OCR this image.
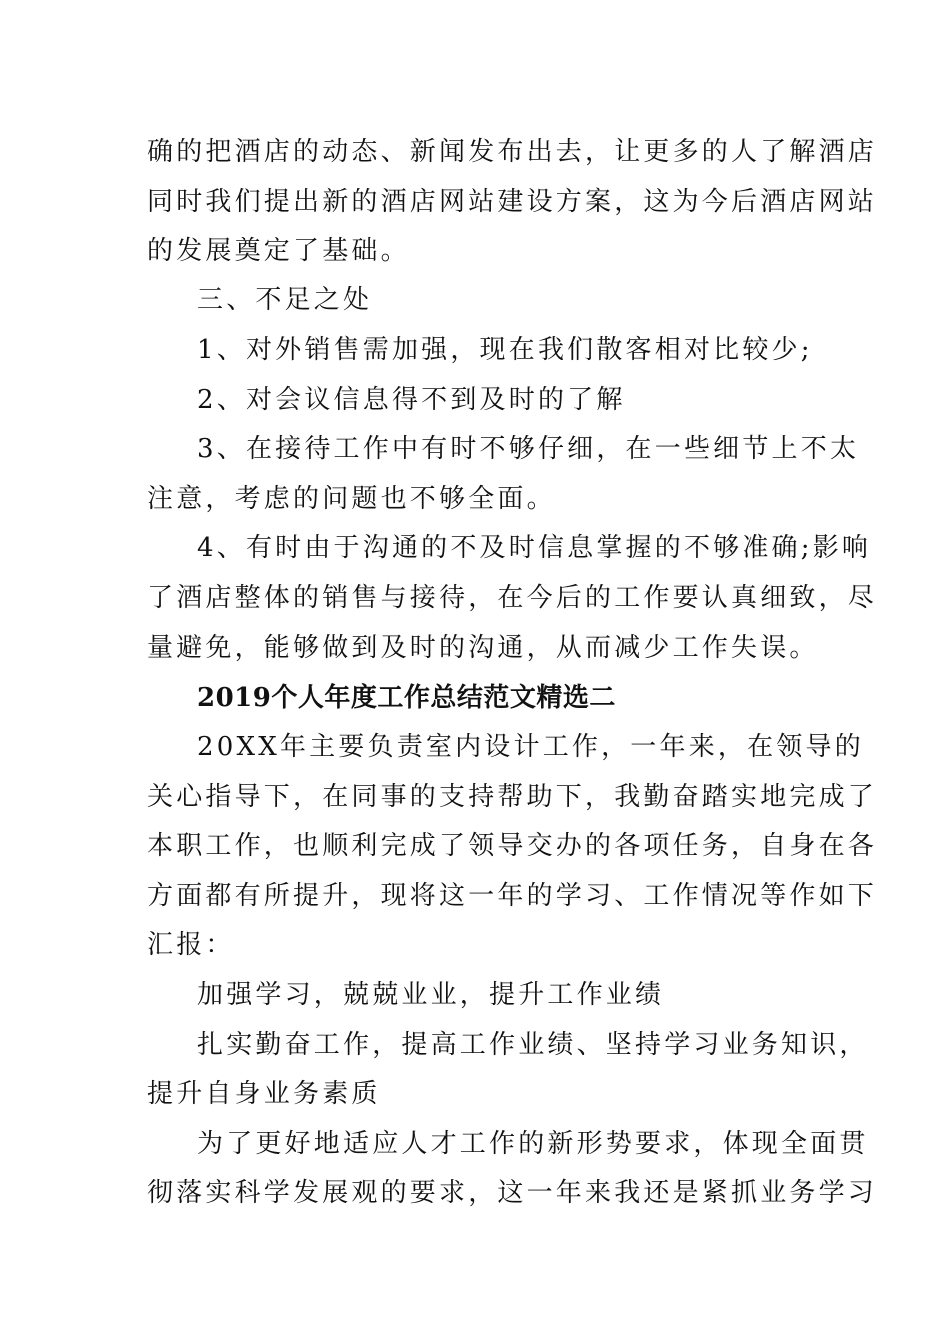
确的把酒店的动态、新闻发布出去，让更多的人了解酒店
同时我们提出新的酒店网站建设方案，这为今后酒店网站
的发展奠定了基础。
三、不足之处
1、对外销售需加强，现在我们散客相对比较少;
2、对会议信息得不到及时的了解
3、在接待工作中有时不够仔细，在一些细节上不太
注意，考虑的问题也不够全面。
4、有时由于沟通的不及时信息掌握的不够准确;影响
了酒店整体的销售与接待，在今后的工作要认真细致，尽
量避免，能够做到及时的沟通，从而减少工作失误。
2019个人年度工作总结范文精选二
20XX年主要负责室内设计工作，一年来，在领导的
关心指导下，在同事的支持帮助下，我勤奋踏实地完成了
本职工作，也顺利完成了领导交办的各项任务，自身在各
方面都有所提升，现将这一年的学习、工作情况等作如下
汇报：
加强学习，兢兢业业，提升工作业绩
扎实勤奋工作，提高工作业绩、坚持学习业务知识，
提升自身业务素质
为了更好地适应人才工作的新形势要求，体现全面贯
彻落实科学发展观的要求，这一年来我还是紧抓业务学习
